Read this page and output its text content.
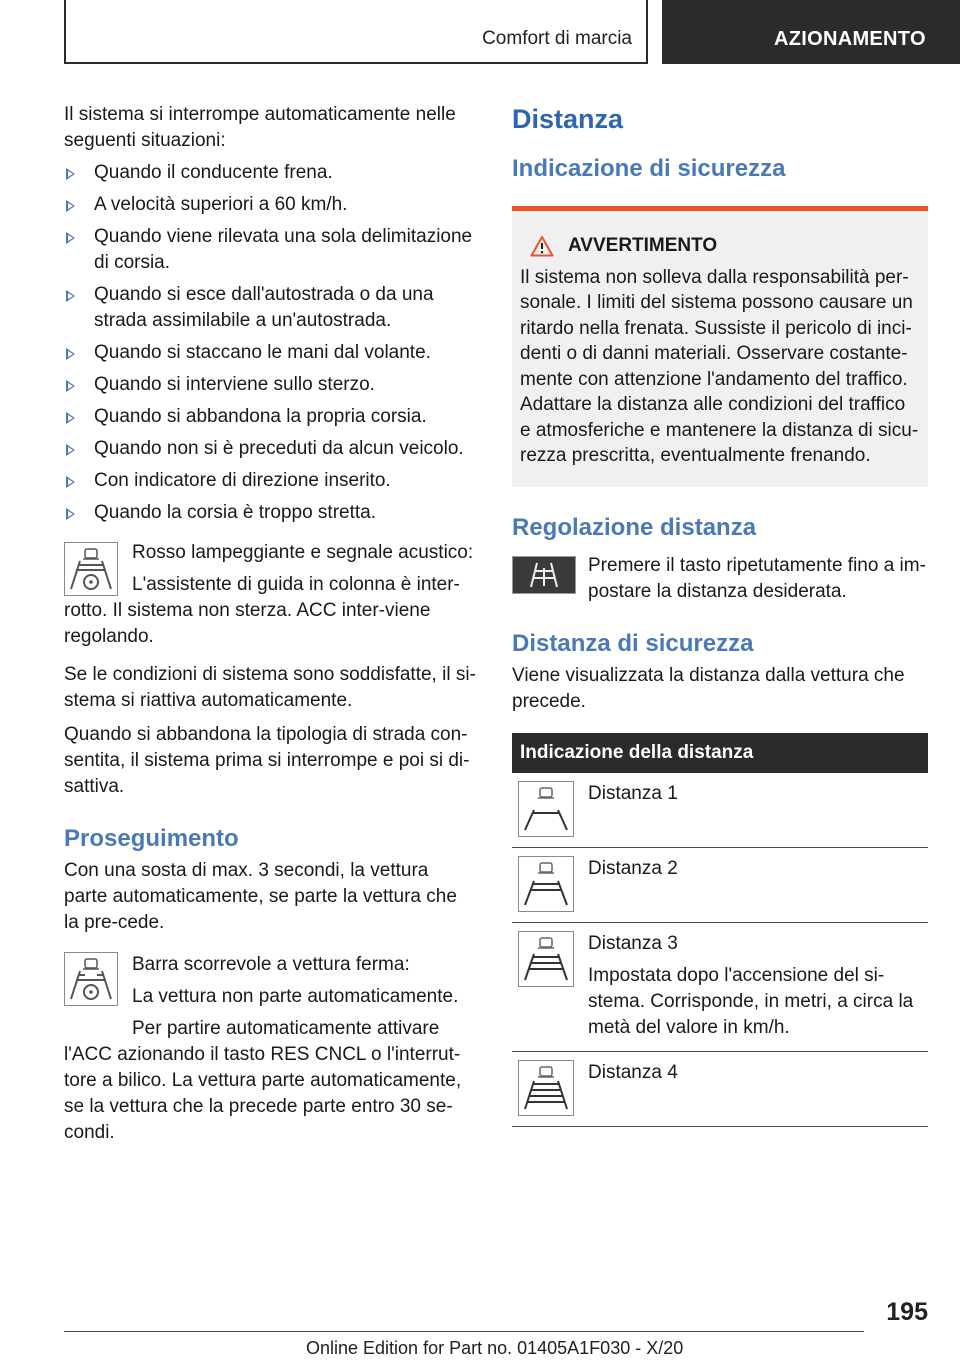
Comfort di marcia	AZIONAMENTO

Il sistema si interrompe automaticamente nelle seguenti situazioni:

Quando il conducente frena.
A velocità superiori a 60 km/h.
Quando viene rilevata una sola delimitazione di corsia.
Quando si esce dall'autostrada o da una strada assimilabile a un'autostrada.
Quando si staccano le mani dal volante.
Quando si interviene sullo sterzo.
Quando si abbandona la propria corsia.
Quando non si è preceduti da alcun veicolo.
Con indicatore di direzione inserito.
Quando la corsia è troppo stretta.

Rosso lampeggiante e segnale acustico:

L'assistente di guida in colonna è inter-rotto. Il sistema non sterza. ACC inter-viene regolando.

Se le condizioni di sistema sono soddisfatte, il si-stema si riattiva automaticamente.

Quando si abbandona la tipologia di strada con-sentita, il sistema prima si interrompe e poi si di-sattiva.

Proseguimento

Con una sosta di max. 3 secondi, la vettura parte automaticamente, se parte la vettura che la pre-cede.

Barra scorrevole a vettura ferma:

La vettura non parte automaticamente.

Per partire automaticamente attivare l'ACC azionando il tasto RES CNCL o l'interrut-tore a bilico. La vettura parte automaticamente, se la vettura che la precede parte entro 30 se-condi.

Distanza
Indicazione di sicurezza
AVVERTIMENTO

Il sistema non solleva dalla responsabilità per-sonale. I limiti del sistema possono causare un ritardo nella frenata. Sussiste il pericolo di inci-denti o di danni materiali. Osservare costante-mente con attenzione l'andamento del traffico. Adattare la distanza alle condizioni del traffico e atmosferiche e mantenere la distanza di sicu-rezza prescritta, eventualmente frenando.

Regolazione distanza

Premere il tasto ripetutamente fino a im-postare la distanza desiderata.

Distanza di sicurezza

Viene visualizzata la distanza dalla vettura che precede.

Indicazione della distanza

Distanza 1

Distanza 2

Distanza 3

Impostata dopo l'accensione del si-stema. Corrisponde, in metri, a circa la metà del valore in km/h.

Distanza 4

195
Online Edition for Part no. 01405A1F030 - X/20
